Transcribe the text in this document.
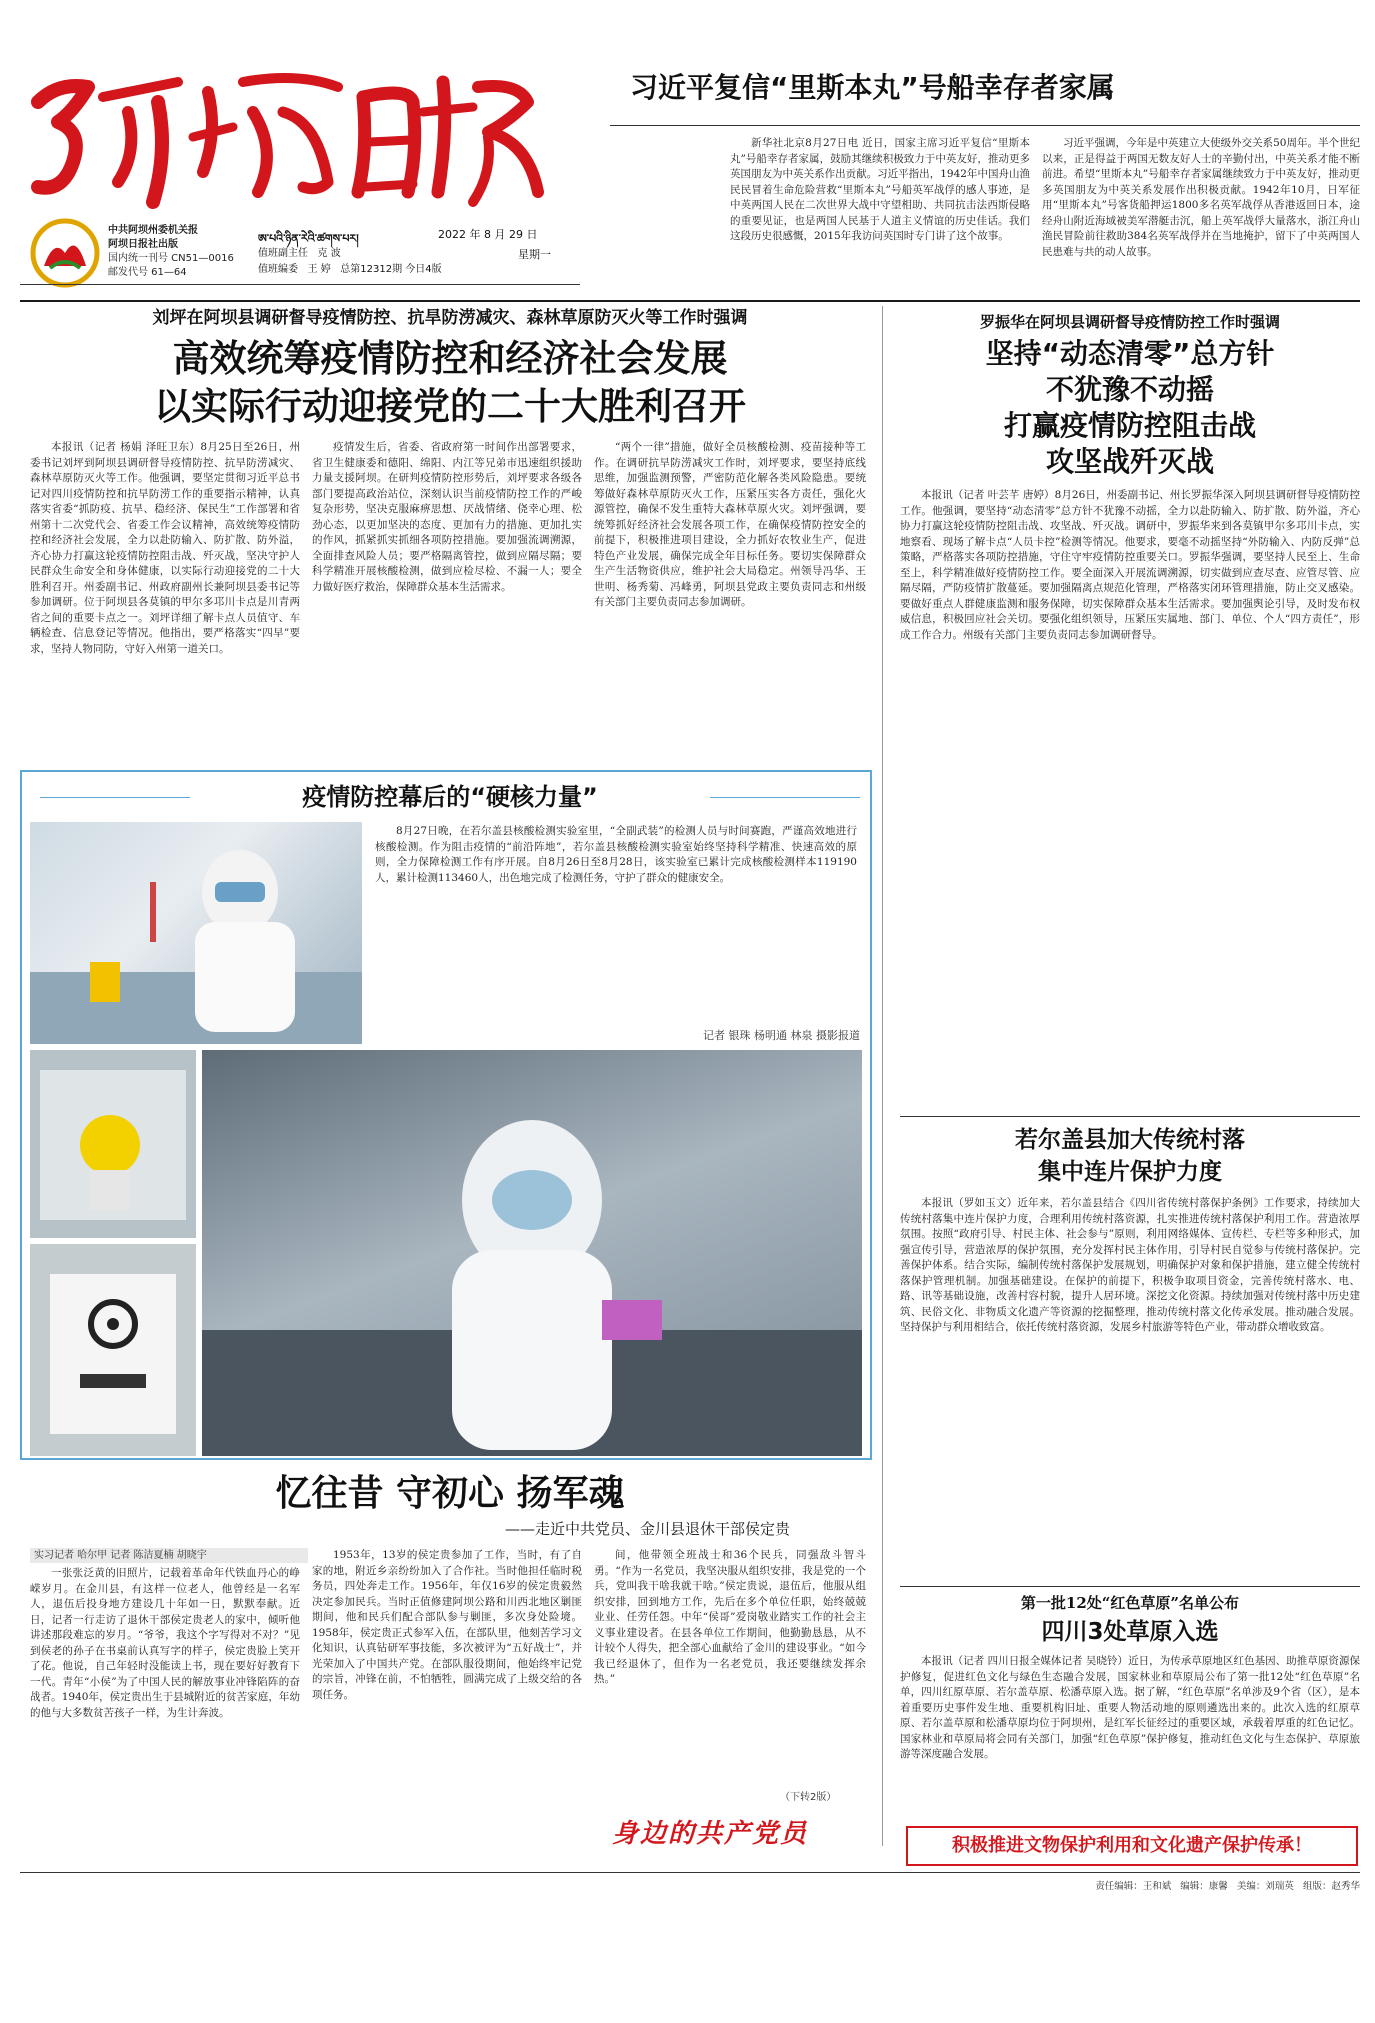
中共阿坝州委机关报
阿坝日报社出版
国内统一刊号 CN51—0016
邮发代号 61—64
ཨ་པའི་ཉིན་རེའི་ཚགས་པར།	2022 年 8 月 29 日
星期一
值班副主任 克 波
值班编委 王 婷 总第12312期 今日4版
习近平复信“里斯本丸”号船幸存者家属

新华社北京8月27日电 近日，国家主席习近平复信“里斯本丸”号船幸存者家属，鼓励其继续积极致力于中英友好，推动更多英国朋友为中英关系作出贡献。习近平指出，1942年中国舟山渔民民冒着生命危险营救“里斯本丸”号船英军战俘的感人事迹，是中英两国人民在二次世界大战中守望相助、共同抗击法西斯侵略的重要见证，也是两国人民基于人道主义情谊的历史佳话。我们这段历史很感慨，2015年我访问英国时专门讲了这个故事。

习近平强调，今年是中英建立大使级外交关系50周年。半个世纪以来，正是得益于两国无数友好人士的辛勤付出，中英关系才能不断前进。希望“里斯本丸”号船幸存者家属继续致力于中英友好，推动更多英国朋友为中英关系发展作出积极贡献。1942年10月，日军征用“里斯本丸”号客货船押运1800多名英军战俘从香港返回日本，途经舟山附近海域被美军潜艇击沉，船上英军战俘大量落水，浙江舟山渔民冒险前往救助384名英军战俘并在当地掩护，留下了中英两国人民患难与共的动人故事。

刘坪在阿坝县调研督导疫情防控、抗旱防涝减灾、森林草原防灭火等工作时强调
高效统筹疫情防控和经济社会发展
以实际行动迎接党的二十大胜利召开

本报讯（记者 杨娟 泽旺卫东）8月25日至26日，州委书记刘坪到阿坝县调研督导疫情防控、抗旱防涝减灾、森林草原防灭火等工作。他强调，要坚定贯彻习近平总书记对四川疫情防控和抗旱防涝工作的重要指示精神，认真落实省委“抓防疫、抗旱、稳经济、保民生”工作部署和省州第十二次党代会、省委工作会议精神，高效统筹疫情防控和经济社会发展，全力以赴防输入、防扩散、防外溢，齐心协力打赢这轮疫情防控阻击战、歼灭战，坚决守护人民群众生命安全和身体健康，以实际行动迎接党的二十大胜利召开。州委副书记、州政府副州长兼阿坝县委书记等参加调研。位于阿坝县各莫镇的甲尔多邛川卡点是川青两省之间的重要卡点之一。刘坪详细了解卡点人员值守、车辆检查、信息登记等情况。他指出，要严格落实“四早”要求，坚持人物同防，守好入州第一道关口。

疫情发生后，省委、省政府第一时间作出部署要求，省卫生健康委和德阳、绵阳、内江等兄弟市迅速组织援助力量支援阿坝。在研判疫情防控形势后，刘坪要求各级各部门要提高政治站位，深刻认识当前疫情防控工作的严峻复杂形势，坚决克服麻痹思想、厌战情绪、侥幸心理、松劲心态，以更加坚决的态度、更加有力的措施、更加扎实的作风，抓紧抓实抓细各项防控措施。要加强流调溯源，全面排查风险人员；要严格隔离管控，做到应隔尽隔；要科学精准开展核酸检测，做到应检尽检、不漏一人；要全力做好医疗救治，保障群众基本生活需求。

“两个一律”措施，做好全员核酸检测、疫苗接种等工作。在调研抗旱防涝减灾工作时，刘坪要求，要坚持底线思维，加强监测预警，严密防范化解各类风险隐患。要统筹做好森林草原防灭火工作，压紧压实各方责任，强化火源管控，确保不发生重特大森林草原火灾。刘坪强调，要统筹抓好经济社会发展各项工作，在确保疫情防控安全的前提下，积极推进项目建设，全力抓好农牧业生产，促进特色产业发展，确保完成全年目标任务。要切实保障群众生产生活物资供应，维护社会大局稳定。州领导冯华、王世明、杨秀菊、冯峰勇，阿坝县党政主要负责同志和州级有关部门主要负责同志参加调研。

罗振华在阿坝县调研督导疫情防控工作时强调
坚持“动态清零”总方针
不犹豫不动摇
打赢疫情防控阻击战
攻坚战歼灭战

本报讯（记者 叶芸芊 唐婷）8月26日，州委副书记、州长罗振华深入阿坝县调研督导疫情防控工作。他强调，要坚持“动态清零”总方针不犹豫不动摇，全力以赴防输入、防扩散、防外溢，齐心协力打赢这轮疫情防控阻击战、攻坚战、歼灭战。调研中，罗振华来到各莫镇甲尔多邛川卡点，实地察看、现场了解卡点“人员卡控”检测等情况。他要求，要毫不动摇坚持“外防输入、内防反弹”总策略，严格落实各项防控措施，守住守牢疫情防控重要关口。罗振华强调，要坚持人民至上、生命至上，科学精准做好疫情防控工作。要全面深入开展流调溯源，切实做到应查尽查、应管尽管、应隔尽隔，严防疫情扩散蔓延。要加强隔离点规范化管理，严格落实闭环管理措施，防止交叉感染。要做好重点人群健康监测和服务保障，切实保障群众基本生活需求。要加强舆论引导，及时发布权威信息，积极回应社会关切。要强化组织领导，压紧压实属地、部门、单位、个人“四方责任”，形成工作合力。州级有关部门主要负责同志参加调研督导。

疫情防控幕后的“硬核力量”

8月27日晚，在若尔盖县核酸检测实验室里，“全副武装”的检测人员与时间赛跑，严谨高效地进行核酸检测。作为阻击疫情的“前沿阵地”，若尔盖县核酸检测实验室始终坚持科学精准、快速高效的原则，全力保障检测工作有序开展。自8月26日至8月28日，该实验室已累计完成核酸检测样本119190人，累计检测113460人，出色地完成了检测任务，守护了群众的健康安全。

记者 银珠 杨明通 林泉 摄影报道
忆往昔 守初心 扬军魂
——走近中共党员、金川县退休干部侯定贵
实习记者 哈尔甲 记者 陈洁夏楠 胡晓宇

一张张泛黄的旧照片，记载着革命年代铁血丹心的峥嵘岁月。在金川县，有这样一位老人，他曾经是一名军人，退伍后投身地方建设几十年如一日，默默奉献。近日，记者一行走访了退休干部侯定贵老人的家中，倾听他讲述那段难忘的岁月。“爷爷，我这个字写得对不对？”见到侯老的孙子在书桌前认真写字的样子，侯定贵脸上笑开了花。他说，自己年轻时没能读上书，现在要好好教育下一代。青年“小侯”为了中国人民的解放事业冲锋陷阵的奋战者。1940年，侯定贵出生于县城附近的贫苦家庭，年幼的他与大多数贫苦孩子一样，为生计奔波。

1953年，13岁的侯定贵参加了工作，当时，有了自家的地，附近乡亲纷纷加入了合作社。当时他担任临时税务员，四处奔走工作。1956年，年仅16岁的侯定贵毅然决定参加民兵。当时正值修建阿坝公路和川西北地区剿匪期间，他和民兵们配合部队参与剿匪，多次身处险境。1958年，侯定贵正式参军入伍，在部队里，他刻苦学习文化知识，认真钻研军事技能，多次被评为“五好战士”，并光荣加入了中国共产党。在部队服役期间，他始终牢记党的宗旨，冲锋在前，不怕牺牲，圆满完成了上级交给的各项任务。

间，他带领全班战士和36个民兵，同强敌斗智斗勇。“作为一名党员，我坚决服从组织安排，我是党的一个兵，党叫我干啥我就干啥。”侯定贵说，退伍后，他服从组织安排，回到地方工作，先后在多个单位任职，始终兢兢业业、任劳任怨。中年“侯哥”爱岗敬业踏实工作的社会主义事业建设者。在县各单位工作期间，他勤勤恳恳，从不计较个人得失，把全部心血献给了金川的建设事业。“如今我已经退休了，但作为一名老党员，我还要继续发挥余热。”

（下转2版）
身边的共产党员
若尔盖县加大传统村落
集中连片保护力度

本报讯（罗如玉文）近年来，若尔盖县结合《四川省传统村落保护条例》工作要求，持续加大传统村落集中连片保护力度，合理利用传统村落资源，扎实推进传统村落保护利用工作。营造浓厚氛围。按照“政府引导、村民主体、社会参与”原则，利用网络媒体、宣传栏、专栏等多种形式，加强宣传引导，营造浓厚的保护氛围，充分发挥村民主体作用，引导村民自觉参与传统村落保护。完善保护体系。结合实际，编制传统村落保护发展规划，明确保护对象和保护措施，建立健全传统村落保护管理机制。加强基础建设。在保护的前提下，积极争取项目资金，完善传统村落水、电、路、讯等基础设施，改善村容村貌，提升人居环境。深挖文化资源。持续加强对传统村落中历史建筑、民俗文化、非物质文化遗产等资源的挖掘整理，推动传统村落文化传承发展。推动融合发展。坚持保护与利用相结合，依托传统村落资源，发展乡村旅游等特色产业，带动群众增收致富。

第一批12处“红色草原”名单公布
四川3处草原入选

本报讯（记者 四川日报全媒体记者 吴晓铃）近日，为传承草原地区红色基因、助推草原资源保护修复，促进红色文化与绿色生态融合发展，国家林业和草原局公布了第一批12处“红色草原”名单，四川红原草原、若尔盖草原、松潘草原入选。据了解，“红色草原”名单涉及9个省（区），是本着重要历史事件发生地、重要机构旧址、重要人物活动地的原则遴选出来的。此次入选的红原草原、若尔盖草原和松潘草原均位于阿坝州，是红军长征经过的重要区域，承载着厚重的红色记忆。国家林业和草原局将会同有关部门，加强“红色草原”保护修复，推动红色文化与生态保护、草原旅游等深度融合发展。

积极推进文物保护利用和文化遗产保护传承！
责任编辑：王和斌 编辑：康馨 美编：刘瑞英 组版：赵秀华
